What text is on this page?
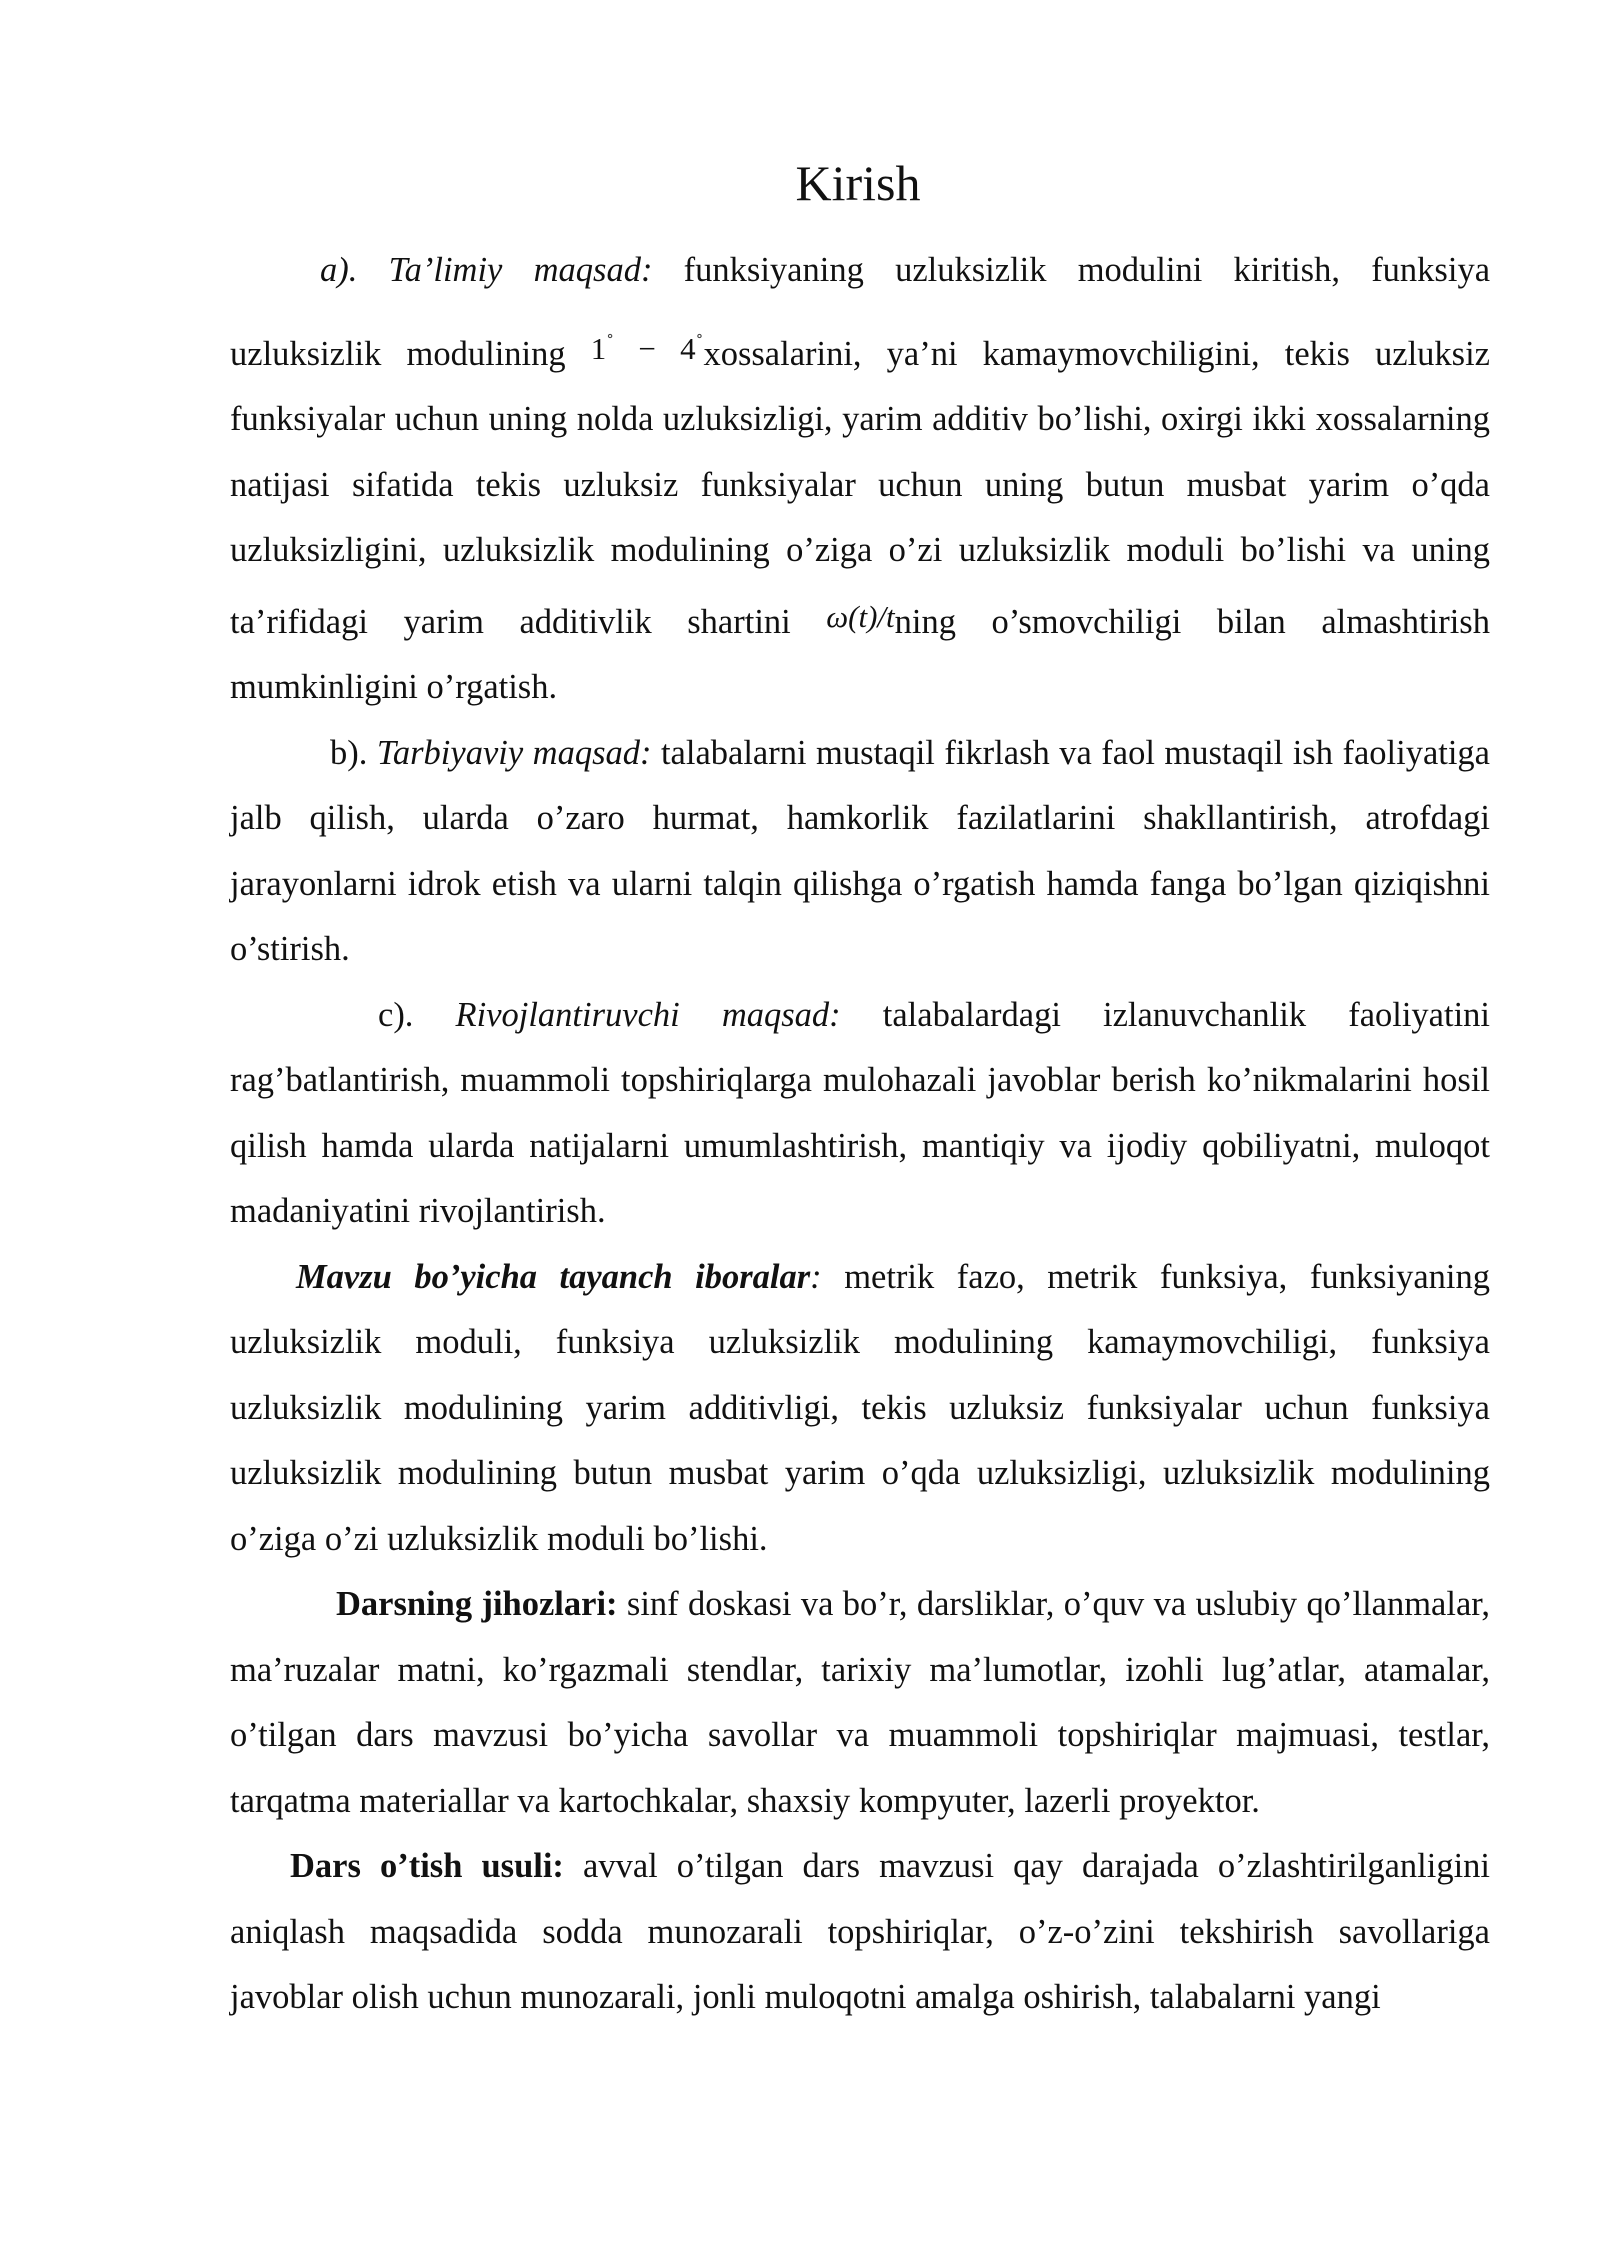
Kirish

a). Ta’limiy maqsad: funksiyaning uzluksizlik modulini kiritish, funksiya uzluksizlik modulining 1∘ − 4∘xossalarini, ya’ni kamaymovchiligini, tekis uzluksiz funksiyalar uchun uning nolda uzluksizligi, yarim additiv bo’lishi, oxirgi ikki xossalarning natijasi sifatida tekis uzluksiz funksiyalar uchun uning butun musbat yarim o’qda uzluksizligini, uzluksizlik modulining o’ziga o’zi uzluksizlik moduli bo’lishi va uning ta’rifidagi yarim additivlik shartini ω(t)/tning o’smovchiligi bilan almashtirish mumkinligini o’rgatish.

b). Tarbiyaviy maqsad: talabalarni mustaqil fikrlash va faol mustaqil ish faoliyatiga jalb qilish, ularda o’zaro hurmat, hamkorlik fazilatlarini shakllantirish, atrofdagi jarayonlarni idrok etish va ularni talqin qilishga o’rgatish hamda fanga bo’lgan qiziqishni o’stirish.

c). Rivojlantiruvchi maqsad: talabalardagi izlanuvchanlik faoliyatini rag’batlantirish, muammoli topshiriqlarga mulohazali javoblar berish ko’nikmalarini hosil qilish hamda ularda natijalarni umumlashtirish, mantiqiy va ijodiy qobiliyatni, muloqot madaniyatini rivojlantirish.

Mavzu bo’yicha tayanch iboralar: metrik fazo, metrik funksiya, funksiyaning uzluksizlik moduli, funksiya uzluksizlik modulining kamaymovchiligi, funksiya uzluksizlik modulining yarim additivligi, tekis uzluksiz funksiyalar uchun funksiya uzluksizlik modulining butun musbat yarim o’qda uzluksizligi, uzluksizlik modulining o’ziga o’zi uzluksizlik moduli bo’lishi.

Darsning jihozlari: sinf doskasi va bo’r, darsliklar, o’quv va uslubiy qo’llanmalar, ma’ruzalar matni, ko’rgazmali stendlar, tarixiy ma’lumotlar, izohli lug’atlar, atamalar, o’tilgan dars mavzusi bo’yicha savollar va muammoli topshiriqlar majmuasi, testlar, tarqatma materiallar va kartochkalar, shaxsiy kompyuter, lazerli proyektor.

Dars o’tish usuli: avval o’tilgan dars mavzusi qay darajada o’zlashtirilganligini aniqlash maqsadida sodda munozarali topshiriqlar, o’z-o’zini tekshirish savollariga javoblar olish uchun munozarali, jonli muloqotni amalga oshirish, talabalarni yangi
